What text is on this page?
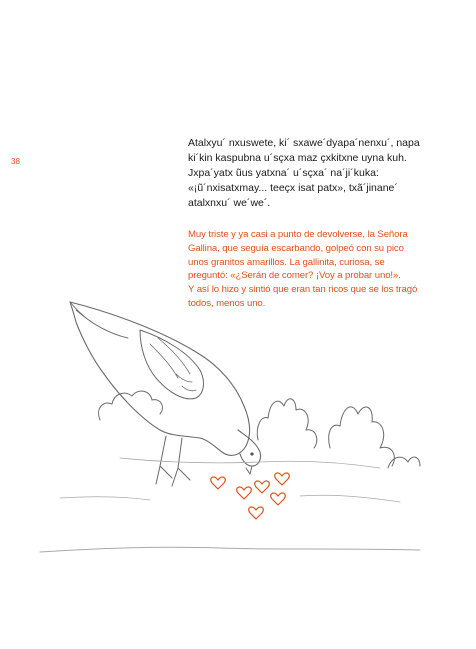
38

Atalxyu´ nxuswete, ki´ sxawe´dyapa´nenxu´, napa
ki´kin kaspubna u´sçxa maz çxkitxne uyna kuh.
Jxpa´yatx ũus yatxna´ u´sçxa´ na´ji´kuka:
«¡ũ´nxisatxmay... teeçx isat patx», txã´jinane´
atalxnxu´ we´we´.

Muy triste y ya casi a punto de devolverse, la Señora
Gallina, que seguía escarbando, golpeó con su pico
unos granitos amarillos. La gallinita, curiosa, se
preguntó: «¿Serán de comer? ¡Voy a probar uno!».
Y así lo hizo y sintió que eran tan ricos que se los tragó
todos, menos uno.
